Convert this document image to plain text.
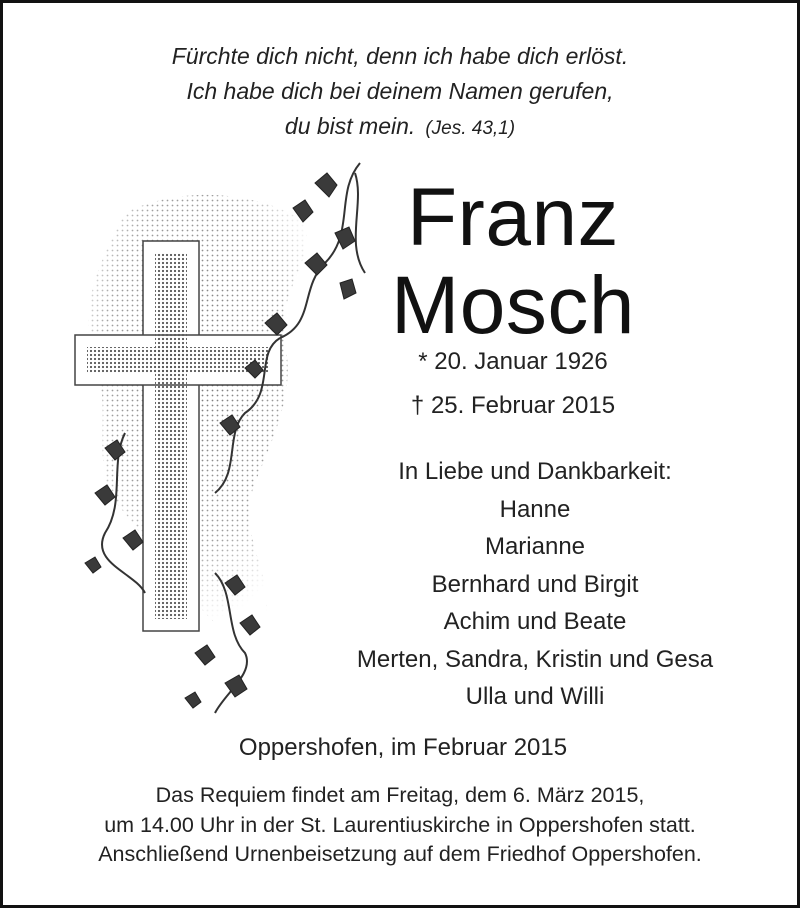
Fürchte dich nicht, denn ich habe dich erlöst.
Ich habe dich bei deinem Namen gerufen,
du bist mein. (Jes. 43,1)
Franz
Mosch
* 20. Januar 1926
† 25. Februar 2015
In Liebe und Dankbarkeit:
Hanne
Marianne
Bernhard und Birgit
Achim und Beate
Merten, Sandra, Kristin und Gesa
Ulla und Willi
Oppershofen, im Februar 2015
Das Requiem findet am Freitag, dem 6. März 2015,
um 14.00 Uhr in der St. Laurentiuskirche in Oppershofen statt.
Anschließend Urnenbeisetzung auf dem Friedhof Oppershofen.
